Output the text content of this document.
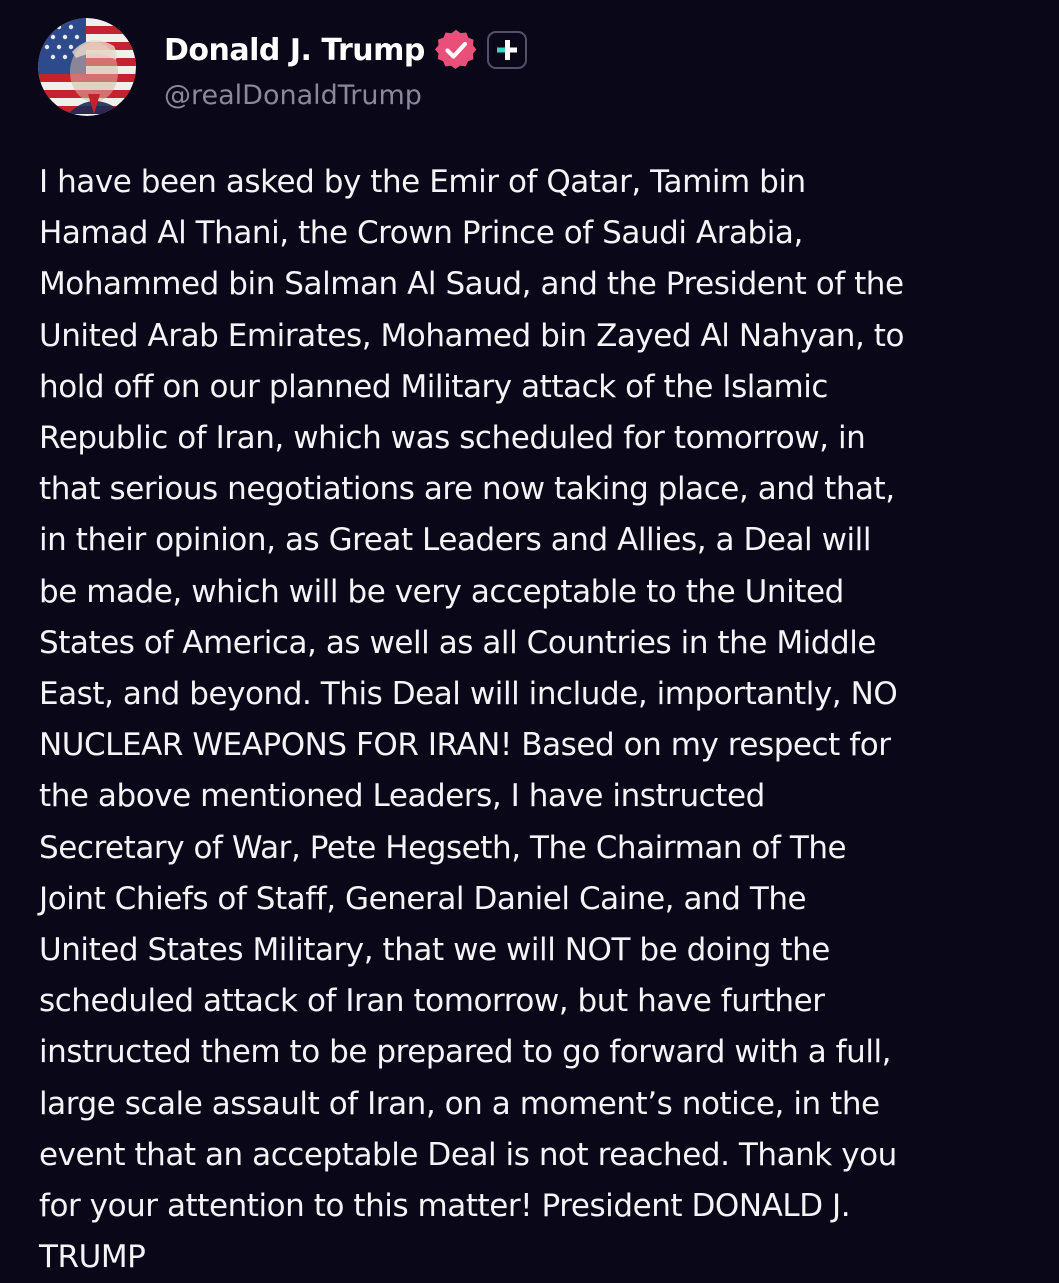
Donald J. Trump
@realDonaldTrump

I have been asked by the Emir of Qatar, Tamim bin
Hamad Al Thani, the Crown Prince of Saudi Arabia,
Mohammed bin Salman Al Saud, and the President of the
United Arab Emirates, Mohamed bin Zayed Al Nahyan, to
hold off on our planned Military attack of the Islamic
Republic of Iran, which was scheduled for tomorrow, in
that serious negotiations are now taking place, and that,
in their opinion, as Great Leaders and Allies, a Deal will
be made, which will be very acceptable to the United
States of America, as well as all Countries in the Middle
East, and beyond. This Deal will include, importantly, NO
NUCLEAR WEAPONS FOR IRAN! Based on my respect for
the above mentioned Leaders, I have instructed
Secretary of War, Pete Hegseth, The Chairman of The
Joint Chiefs of Staff, General Daniel Caine, and The
United States Military, that we will NOT be doing the
scheduled attack of Iran tomorrow, but have further
instructed them to be prepared to go forward with a full,
large scale assault of Iran, on a moment’s notice, in the
event that an acceptable Deal is not reached. Thank you
for your attention to this matter! President DONALD J.
TRUMP
